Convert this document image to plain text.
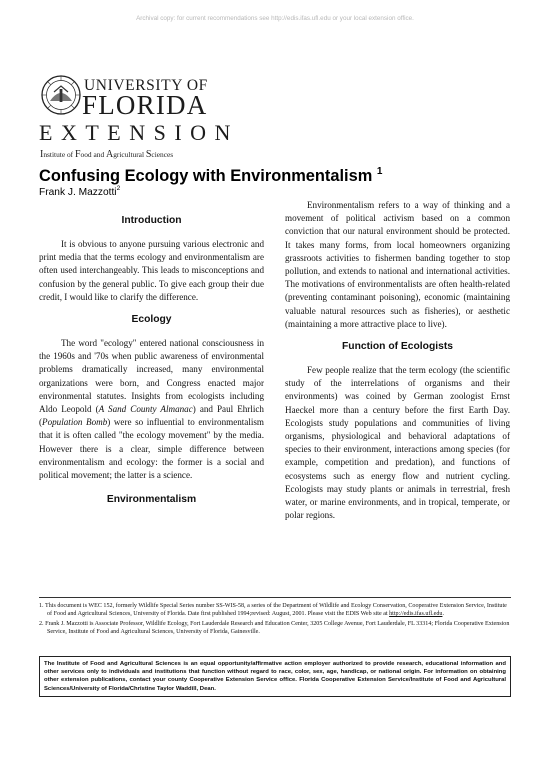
Archival copy: for current recommendations see http://edis.ifas.ufl.edu or your local extension office.
UNIVERSITY OF
FLORIDA
EXTENSION
Institute of Food and Agricultural Sciences
Confusing Ecology with Environmentalism $^1$
Frank J. Mazzotti$^2$

Introduction

It is obvious to anyone pursuing various electronic and print media that the terms ecology and environmentalism are often used interchangeably. This leads to misconceptions and confusion by the general public. To give each group their due credit, I would like to clarify the difference.

Ecology

The word "ecology" entered national consciousness in the 1960s and '70s when public awareness of environmental problems dramatically increased, many environmental organizations were born, and Congress enacted major environmental statutes. Insights from ecologists including Aldo Leopold (A Sand County Almanac) and Paul Ehrlich (Population Bomb) were so influential to environmentalism that it is often called "the ecology movement" by the media. However there is a clear, simple difference between environmentalism and ecology: the former is a social and political movement; the latter is a science.

Environmentalism

Environmentalism refers to a way of thinking and a movement of political activism based on a common conviction that our natural environment should be protected. It takes many forms, from local homeowners organizing grassroots activities to fishermen banding together to stop pollution, and extends to national and international activities. The motivations of environmentalists are often health-related (preventing contaminant poisoning), economic (maintaining valuable natural resources such as fisheries), or aesthetic (maintaining a more attractive place to live).

Function of Ecologists

Few people realize that the term ecology (the scientific study of the interrelations of organisms and their environments) was coined by German zoologist Ernst Haeckel more than a century before the first Earth Day. Ecologists study populations and communities of living organisms, physiological and behavioral adaptations of species to their environment, interactions among species (for example, competition and predation), and functions of ecosystems such as energy flow and nutrient cycling. Ecologists may study plants or animals in terrestrial, fresh water, or marine environments, and in tropical, temperate, or polar regions.

1. This document is WEC 152, formerly Wildlife Special Series number SS-WIS-58, a series of the Department of Wildlife and Ecology Conservation, Cooperative Extension Service, Institute of Food and Agricultural Sciences, University of Florida. Date first published 1994;revised: August, 2001. Please visit the EDIS Web site at http://edis.ifas.ufl.edu.

2. Frank J. Mazzotti is Associate Professor, Wildlife Ecology, Fort Lauderdale Research and Education Center, 3205 College Avenue, Fort Lauderdale, FL 33314; Florida Cooperative Extension Service, Institute of Food and Agricultural Sciences, University of Florida, Gainesville.

The Institute of Food and Agricultural Sciences is an equal opportunity/affirmative action employer authorized to provide research, educational information and other services only to individuals and institutions that function without regard to race, color, sex, age, handicap, or national origin. For information on obtaining other extension publications, contact your county Cooperative Extension Service office. Florida Cooperative Extension Service/Institute of Food and Agricultural Sciences/University of Florida/Christine Taylor Waddill, Dean.
